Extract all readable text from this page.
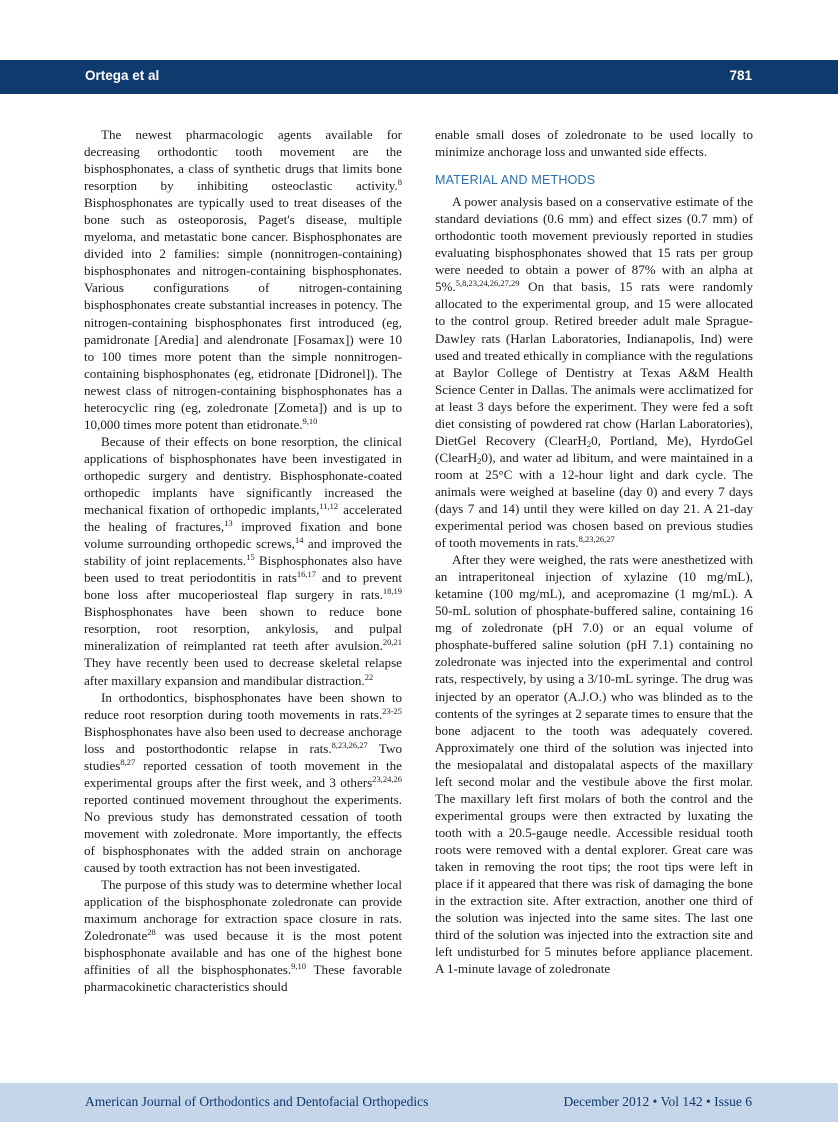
Ortega et al	781

The newest pharmacologic agents available for decreasing orthodontic tooth movement are the bisphosphonates, a class of synthetic drugs that limits bone resorption by inhibiting osteoclastic activity.$^8$ Bisphosphonates are typically used to treat diseases of the bone such as osteoporosis, Paget's disease, multiple myeloma, and metastatic bone cancer. Bisphosphonates are divided into 2 families: simple (nonnitrogen-containing) bisphosphonates and nitrogen-containing bisphosphonates. Various configurations of nitrogen-containing bisphosphonates create substantial increases in potency. The nitrogen-containing bisphosphonates first introduced (eg, pamidronate [Aredia] and alendronate [Fosamax]) were 10 to 100 times more potent than the simple nonnitrogen-containing bisphosphonates (eg, etidronate [Didronel]). The newest class of nitrogen-containing bisphosphonates has a heterocyclic ring (eg, zoledronate [Zometa]) and is up to 10,000 times more potent than etidronate.$^{9,10}$

Because of their effects on bone resorption, the clinical applications of bisphosphonates have been investigated in orthopedic surgery and dentistry. Bisphosphonate-coated orthopedic implants have significantly increased the mechanical fixation of orthopedic implants,$^{11,12}$ accelerated the healing of fractures,$^{13}$ improved fixation and bone volume surrounding orthopedic screws,$^{14}$ and improved the stability of joint replacements.$^{15}$ Bisphosphonates also have been used to treat periodontitis in rats$^{16,17}$ and to prevent bone loss after mucoperiosteal flap surgery in rats.$^{18,19}$ Bisphosphonates have been shown to reduce bone resorption, root resorption, ankylosis, and pulpal mineralization of reimplanted rat teeth after avulsion.$^{20,21}$ They have recently been used to decrease skeletal relapse after maxillary expansion and mandibular distraction.$^{22}$

In orthodontics, bisphosphonates have been shown to reduce root resorption during tooth movements in rats.$^{23-25}$ Bisphosphonates have also been used to decrease anchorage loss and postorthodontic relapse in rats.$^{8,23,26,27}$ Two studies$^{8,27}$ reported cessation of tooth movement in the experimental groups after the first week, and 3 others$^{23,24,26}$ reported continued movement throughout the experiments. No previous study has demonstrated cessation of tooth movement with zoledronate. More importantly, the effects of bisphosphonates with the added strain on anchorage caused by tooth extraction has not been investigated.

The purpose of this study was to determine whether local application of the bisphosphonate zoledronate can provide maximum anchorage for extraction space closure in rats. Zoledronate$^{28}$ was used because it is the most potent bisphosphonate available and has one of the highest bone affinities of all the bisphosphonates.$^{9,10}$ These favorable pharmacokinetic characteristics should

enable small doses of zoledronate to be used locally to minimize anchorage loss and unwanted side effects.

MATERIAL AND METHODS

A power analysis based on a conservative estimate of the standard deviations (0.6 mm) and effect sizes (0.7 mm) of orthodontic tooth movement previously reported in studies evaluating bisphosphonates showed that 15 rats per group were needed to obtain a power of 87% with an alpha at 5%.$^{5,8,23,24,26,27,29}$ On that basis, 15 rats were randomly allocated to the experimental group, and 15 were allocated to the control group. Retired breeder adult male Sprague-Dawley rats (Harlan Laboratories, Indianapolis, Ind) were used and treated ethically in compliance with the regulations at Baylor College of Dentistry at Texas A&M Health Science Center in Dallas. The animals were acclimatized for at least 3 days before the experiment. They were fed a soft diet consisting of powdered rat chow (Harlan Laboratories), DietGel Recovery (ClearH$_2$0, Portland, Me), HyrdoGel (ClearH$_2$0), and water ad libitum, and were maintained in a room at 25°C with a 12-hour light and dark cycle. The animals were weighed at baseline (day 0) and every 7 days (days 7 and 14) until they were killed on day 21. A 21-day experimental period was chosen based on previous studies of tooth movements in rats.$^{8,23,26,27}$

After they were weighed, the rats were anesthetized with an intraperitoneal injection of xylazine (10 mg/mL), ketamine (100 mg/mL), and acepromazine (1 mg/mL). A 50-mL solution of phosphate-buffered saline, containing 16 mg of zoledronate (pH 7.0) or an equal volume of phosphate-buffered saline solution (pH 7.1) containing no zoledronate was injected into the experimental and control rats, respectively, by using a 3/10-mL syringe. The drug was injected by an operator (A.J.O.) who was blinded as to the contents of the syringes at 2 separate times to ensure that the bone adjacent to the tooth was adequately covered. Approximately one third of the solution was injected into the mesiopalatal and distopalatal aspects of the maxillary left second molar and the vestibule above the first molar. The maxillary left first molars of both the control and the experimental groups were then extracted by luxating the tooth with a 20.5-gauge needle. Accessible residual tooth roots were removed with a dental explorer. Great care was taken in removing the root tips; the root tips were left in place if it appeared that there was risk of damaging the bone in the extraction site. After extraction, another one third of the solution was injected into the same sites. The last one third of the solution was injected into the extraction site and left undisturbed for 5 minutes before appliance placement. A 1-minute lavage of zoledronate

American Journal of Orthodontics and Dentofacial Orthopedics	December 2012 • Vol 142 • Issue 6
